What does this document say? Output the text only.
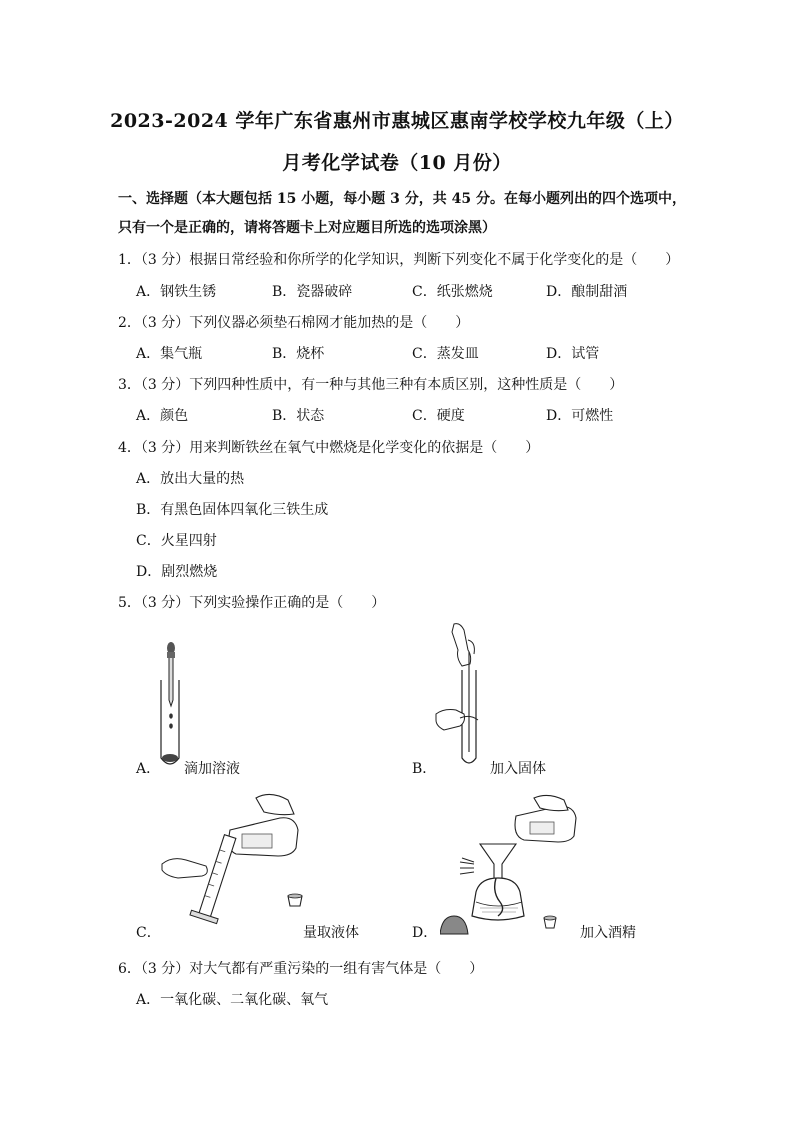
2023-2024 学年广东省惠州市惠城区惠南学校学校九年级（上）
月考化学试卷（10 月份）
一、选择题（本大题包括 15 小题，每小题 3 分，共 45 分。在每小题列出的四个选项中，
只有一个是正确的，请将答题卡上对应题目所选的选项涂黑）
1．（3 分）根据日常经验和你所学的化学知识，判断下列变化不属于化学变化的是（　　）
A．钢铁生锈	B．瓷器破碎	C．纸张燃烧	D．酿制甜酒
2．（3 分）下列仪器必须垫石棉网才能加热的是（　　）
A．集气瓶	B．烧杯	C．蒸发皿	D．试管
3．（3 分）下列四种性质中，有一种与其他三种有本质区别，这种性质是（　　）
A．颜色	B．状态	C．硬度	D．可燃性
4．（3 分）用来判断铁丝在氧气中燃烧是化学变化的依据是（　　）
A．放出大量的热
B．有黑色固体四氧化三铁生成
C．火星四射
D．剧烈燃烧
5．（3 分）下列实验操作正确的是（　　）
A． 滴加溶液	B．	加入固体
C．	量取液体	D．	加入酒精
6．（3 分）对大气都有严重污染的一组有害气体是（　　）
A．一氧化碳、二氧化碳、氧气
